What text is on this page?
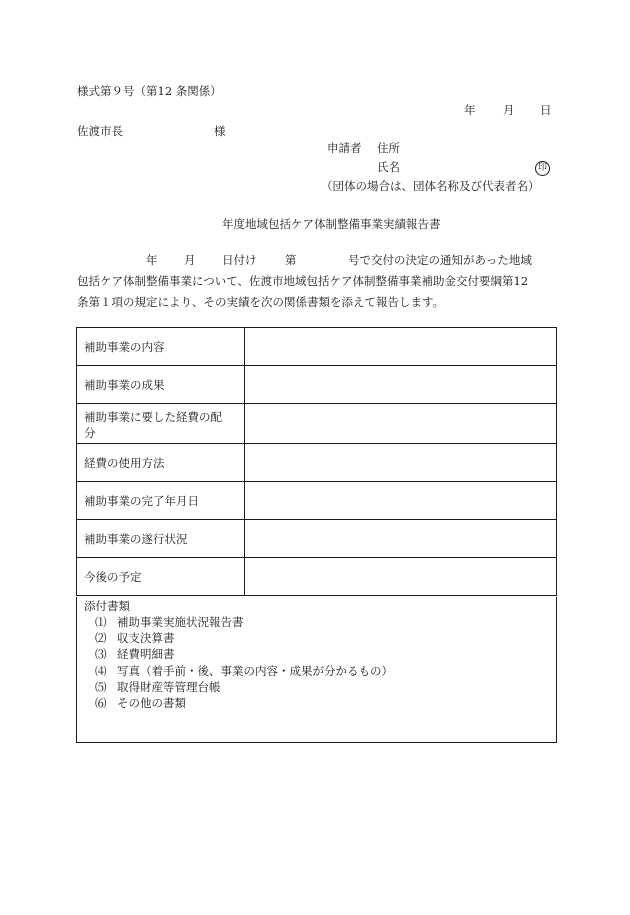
様式第９号（第12 条関係）
年 月 日
佐渡市長	様
申請者 住所
氏名	印
（団体の場合は、団体名称及び代表者名）
年度地域包括ケア体制整備事業実績報告書
年 月 日付け 第	号で交付の決定の通知があった地域
包括ケア体制整備事業について、佐渡市地域包括ケア体制整備事業補助金交付要綱第12
条第１項の規定により、その実績を次の関係書類を添えて報告します。
補助事業の内容	
補助事業の成果	

補助事業に要した経費の配
分	

経費の使用方法	
補助事業の完了年月日	
補助事業の遂行状況	
今後の予定	
添付書類
⑴ 補助事業実施状況報告書
⑵ 収支決算書
⑶ 経費明細書
⑷ 写真（着手前・後、事業の内容・成果が分かるもの）
⑸ 取得財産等管理台帳
⑹ その他の書類
